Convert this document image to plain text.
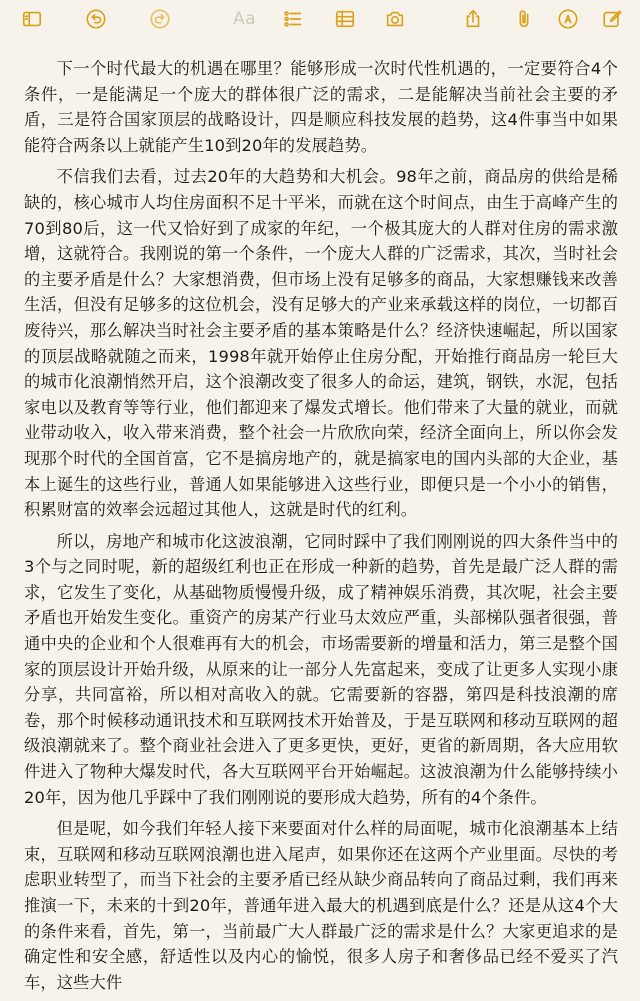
Aa

下一个时代最大的机遇在哪里？能够形成一次时代性机遇的，一定要符合4个条件，一是能满足一个庞大的群体很广泛的需求，二是能解决当前社会主要的矛盾，三是符合国家顶层的战略设计，四是顺应科技发展的趋势，这4件事当中如果能符合两条以上就能产生10到20年的发展趋势。

不信我们去看，过去20年的大趋势和大机会。98年之前，商品房的供给是稀缺的，核心城市人均住房面积不足十平米，而就在这个时间点，由生于高峰产生的70到80后，这一代又恰好到了成家的年纪，一个极其庞大的人群对住房的需求激增，这就符合。我刚说的第一个条件，一个庞大人群的广泛需求，其次，当时社会的主要矛盾是什么？大家想消费，但市场上没有足够多的商品，大家想赚钱来改善生活，但没有足够多的这位机会，没有足够大的产业来承载这样的岗位，一切都百废待兴，那么解决当时社会主要矛盾的基本策略是什么？经济快速崛起，所以国家的顶层战略就随之而来，1998年就开始停止住房分配，开始推行商品房一轮巨大的城市化浪潮悄然开启，这个浪潮改变了很多人的命运，建筑，钢铁，水泥，包括家电以及教育等等行业，他们都迎来了爆发式增长。他们带来了大量的就业，而就业带动收入，收入带来消费，整个社会一片欣欣向荣，经济全面向上，所以你会发现那个时代的全国首富，它不是搞房地产的，就是搞家电的国内头部的大企业，基本上诞生的这些行业，普通人如果能够进入这些行业，即便只是一个小小的销售，积累财富的效率会远超过其他人，这就是时代的红利。

所以，房地产和城市化这波浪潮，它同时踩中了我们刚刚说的四大条件当中的3个与之同时呢，新的超级红利也正在形成一种新的趋势，首先是最广泛人群的需求，它发生了变化，从基础物质慢慢升级，成了精神娱乐消费，其次呢，社会主要矛盾也开始发生变化。重资产的房某产行业马太效应严重，头部梯队强者很强，普通中央的企业和个人很难再有大的机会，市场需要新的增量和活力，第三是整个国家的顶层设计开始升级，从原来的让一部分人先富起来，变成了让更多人实现小康分享，共同富裕，所以相对高收入的就。它需要新的容器，第四是科技浪潮的席卷，那个时候移动通讯技术和互联网技术开始普及，于是互联网和移动互联网的超级浪潮就来了。整个商业社会进入了更多更快，更好，更省的新周期，各大应用软件进入了物种大爆发时代，各大互联网平台开始崛起。这波浪潮为什么能够持续小20年，因为他几乎踩中了我们刚刚说的要形成大趋势，所有的4个条件。

但是呢，如今我们年轻人接下来要面对什么样的局面呢，城市化浪潮基本上结束，互联网和移动互联网浪潮也进入尾声，如果你还在这两个产业里面。尽快的考虑职业转型了，而当下社会的主要矛盾已经从缺少商品转向了商品过剩，我们再来推演一下，未来的十到20年，普通年进入最大的机遇到底是什么？还是从这4个大的条件来看，首先，第一，当前最广大人群最广泛的需求是什么？大家更追求的是确定性和安全感，舒适性以及内心的愉悦，很多人房子和奢侈品已经不爱买了汽车，这些大件
